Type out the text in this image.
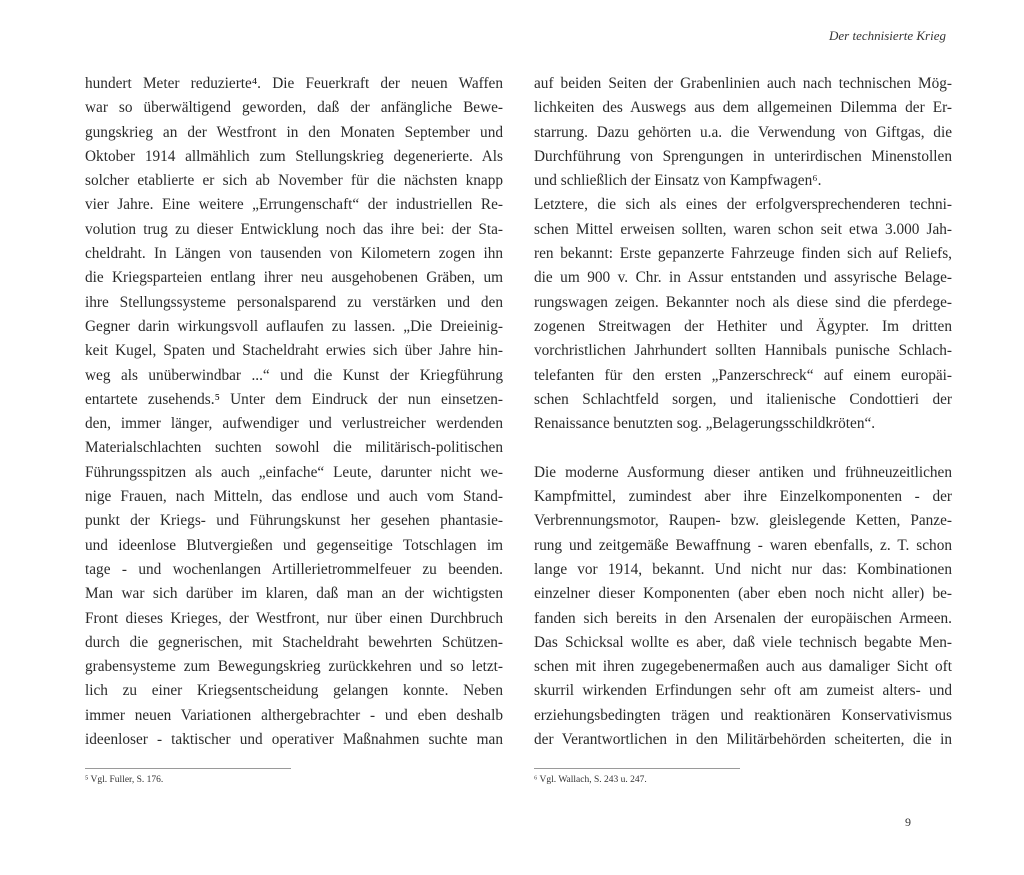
Der technisierte Krieg
hundert Meter reduzierte⁴. Die Feuerkraft der neuen Waffen
war so überwältigend geworden, daß der anfängliche Bewe-
gungskrieg an der Westfront in den Monaten September und
Oktober 1914 allmählich zum Stellungskrieg degenerierte. Als
solcher etablierte er sich ab November für die nächsten knapp
vier Jahre. Eine weitere „Errungenschaft“ der industriellen Re-
volution trug zu dieser Entwicklung noch das ihre bei: der Sta-
cheldraht. In Längen von tausenden von Kilometern zogen ihn
die Kriegsparteien entlang ihrer neu ausgehobenen Gräben, um
ihre Stellungssysteme personalsparend zu verstärken und den
Gegner darin wirkungsvoll auflaufen zu lassen. „Die Dreieinig-
keit Kugel, Spaten und Stacheldraht erwies sich über Jahre hin-
weg als unüberwindbar ...“ und die Kunst der Kriegführung
entartete zusehends.⁵ Unter dem Eindruck der nun einsetzen-
den, immer länger, aufwendiger und verlustreicher werdenden
Materialschlachten suchten sowohl die militärisch-politischen
Führungsspitzen als auch „einfache“ Leute, darunter nicht we-
nige Frauen, nach Mitteln, das endlose und auch vom Stand-
punkt der Kriegs- und Führungskunst her gesehen phantasie-
und ideenlose Blutvergießen und gegenseitige Totschlagen im
tage - und wochenlangen Artillerietrommelfeuer zu beenden.
Man war sich darüber im klaren, daß man an der wichtigsten
Front dieses Krieges, der Westfront, nur über einen Durchbruch
durch die gegnerischen, mit Stacheldraht bewehrten Schützen-
grabensysteme zum Bewegungskrieg zurückkehren und so letzt-
lich zu einer Kriegsentscheidung gelangen konnte. Neben
immer neuen Variationen althergebrachter - und eben deshalb
ideenloser - taktischer und operativer Maßnahmen suchte man
auf beiden Seiten der Grabenlinien auch nach technischen Mög-
lichkeiten des Auswegs aus dem allgemeinen Dilemma der Er-
starrung. Dazu gehörten u.a. die Verwendung von Giftgas, die
Durchführung von Sprengungen in unterirdischen Minenstollen
und schließlich der Einsatz von Kampfwagen⁶.
Letztere, die sich als eines der erfolgversprechenderen techni-
schen Mittel erweisen sollten, waren schon seit etwa 3.000 Jah-
ren bekannt: Erste gepanzerte Fahrzeuge finden sich auf Reliefs,
die um 900 v. Chr. in Assur entstanden und assyrische Belage-
rungswagen zeigen. Bekannter noch als diese sind die pferdege-
zogenen Streitwagen der Hethiter und Ägypter. Im dritten
vorchristlichen Jahrhundert sollten Hannibals punische Schlach-
telefanten für den ersten „Panzerschreck“ auf einem europäi-
schen Schlachtfeld sorgen, und italienische Condottieri der
Renaissance benutzten sog. „Belagerungsschildkröten“.
Die moderne Ausformung dieser antiken und frühneuzeitlichen
Kampfmittel, zumindest aber ihre Einzelkomponenten - der
Verbrennungsmotor, Raupen- bzw. gleislegende Ketten, Panze-
rung und zeitgemäße Bewaffnung - waren ebenfalls, z. T. schon
lange vor 1914, bekannt. Und nicht nur das: Kombinationen
einzelner dieser Komponenten (aber eben noch nicht aller) be-
fanden sich bereits in den Arsenalen der europäischen Armeen.
Das Schicksal wollte es aber, daß viele technisch begabte Men-
schen mit ihren zugegebenermaßen auch aus damaliger Sicht oft
skurril wirkenden Erfindungen sehr oft am zumeist alters- und
erziehungsbedingten trägen und reaktionären Konservativismus
der Verantwortlichen in den Militärbehörden scheiterten, die in
⁵ Vgl. Fuller, S. 176.	⁶ Vgl. Wallach, S. 243 u. 247.
9
